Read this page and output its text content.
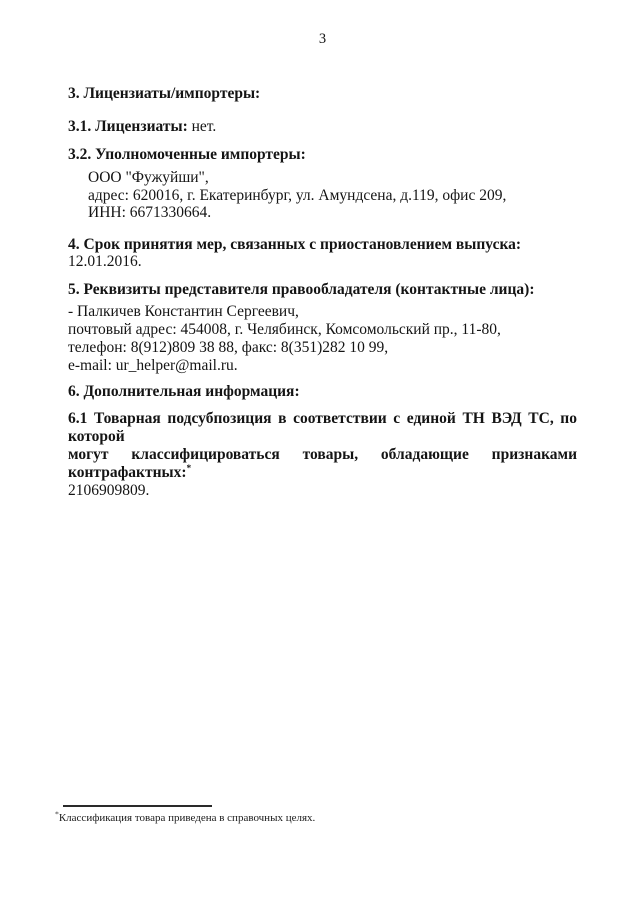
3
3. Лицензиаты/импортеры:
3.1. Лицензиаты: нет.
3.2. Уполномоченные импортеры:
ООО "Фужуйши",
адрес: 620016, г. Екатеринбург, ул. Амундсена, д.119, офис 209,
ИНН: 6671330664.
4. Срок принятия мер, связанных с приостановлением выпуска: 12.01.2016.
5. Реквизиты представителя правообладателя (контактные лица):
- Палкичев Константин Сергеевич,
почтовый адрес: 454008, г. Челябинск, Комсомольский пр., 11-80,
телефон: 8(912)809 38 88, факс: 8(351)282 10 99,
e-mail: ur_helper@mail.ru.
6. Дополнительная информация:
6.1 Товарная подсубпозиция в соответствии с единой ТН ВЭД ТС, по которой
могут классифицироваться товары, обладающие признаками
контрафактных:*
2106909809.
*Классификация товара приведена в справочных целях.
